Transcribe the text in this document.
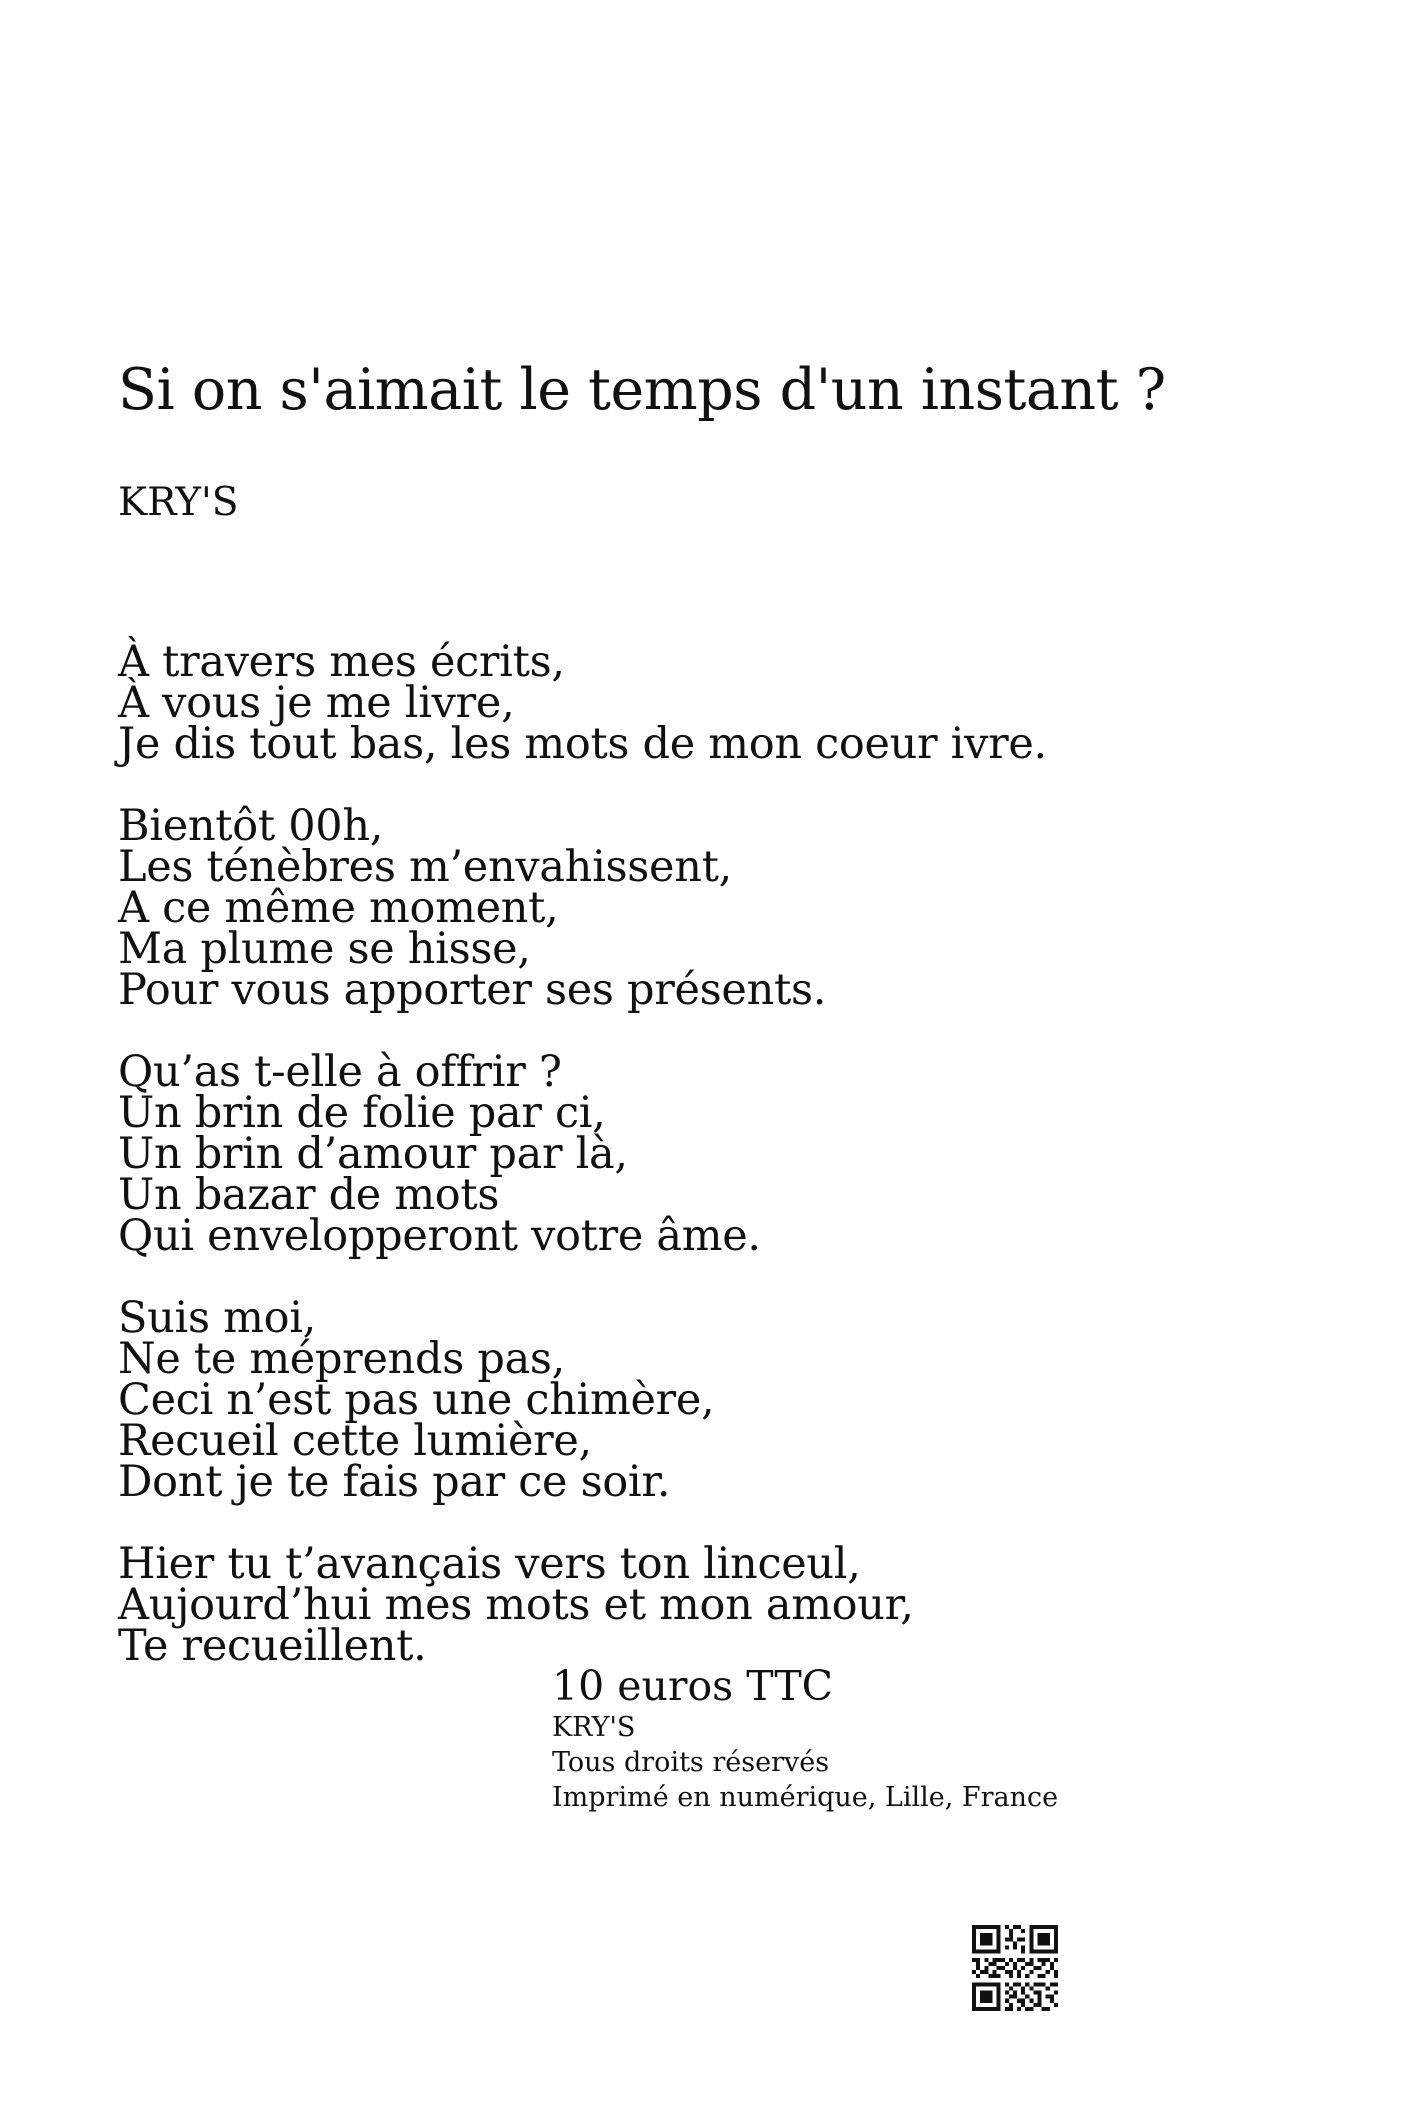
Si on s'aimait le temps d'un instant ?
KRY'S
À travers mes écrits,
À vous je me livre,
Je dis tout bas, les mots de mon coeur ivre.
Bientôt 00h,
Les ténèbres m’envahissent,
A ce même moment,
Ma plume se hisse,
Pour vous apporter ses présents.
Qu’as t-elle à offrir ?
Un brin de folie par ci,
Un brin d’amour par là,
Un bazar de mots
Qui envelopperont votre âme.
Suis moi,
Ne te méprends pas,
Ceci n’est pas une chimère,
Recueil cette lumière,
Dont je te fais par ce soir.
Hier tu t’avançais vers ton linceul,
Aujourd’hui mes mots et mon amour,
Te recueillent.
10 euros TTC
KRY'S
Tous droits réservés
Imprimé en numérique, Lille, France
